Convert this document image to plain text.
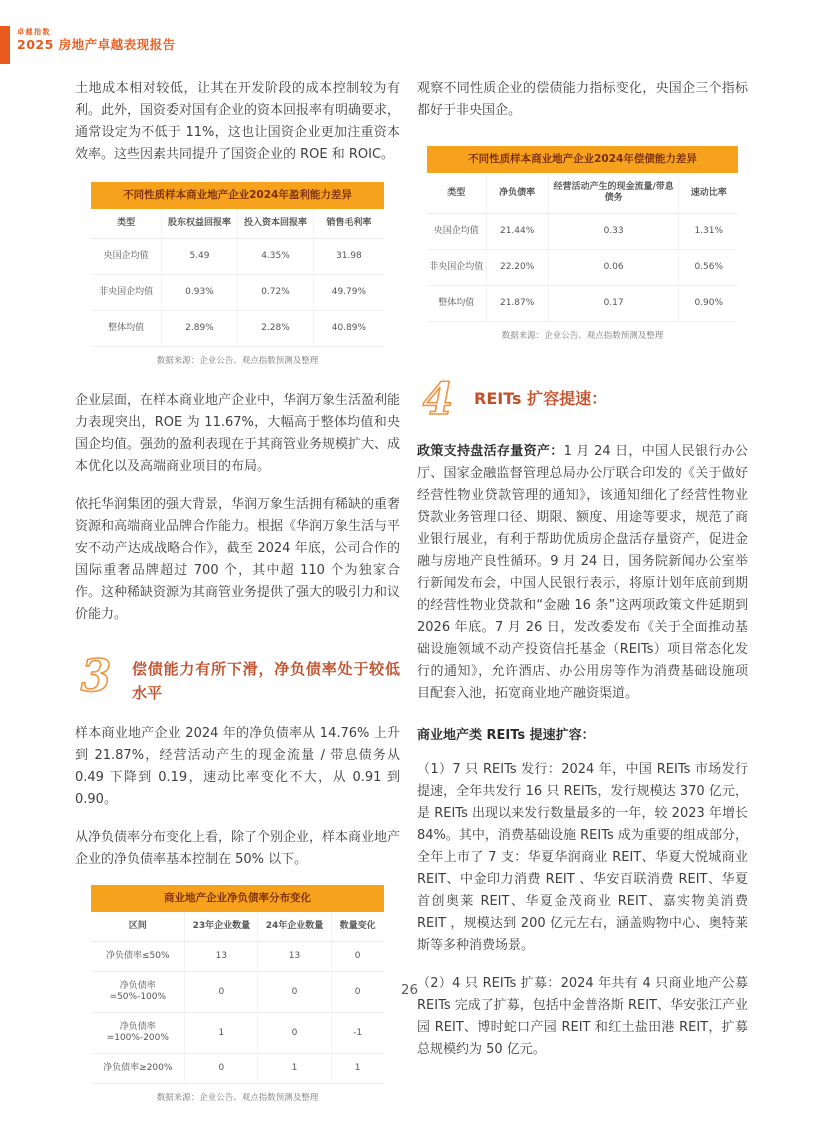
卓越指数
2025 房地产卓越表现报告

土地成本相对较低，让其在开发阶段的成本控制较为有利。此外，国资委对国有企业的资本回报率有明确要求，通常设定为不低于 11%，这也让国资企业更加注重资本效率。这些因素共同提升了国资企业的 ROE 和 ROIC。

不同性质样本商业地产企业2024年盈利能力差异
类型	股东权益回报率	投入资本回报率	销售毛利率
央国企均值	5.49	4.35%	31.98
非央国企均值	0.93%	0.72%	49.79%
整体均值	2.89%	2.28%	40.89%
数据来源：企业公告、观点指数预测及整理

企业层面，在样本商业地产企业中，华润万象生活盈利能力表现突出，ROE 为 11.67%，大幅高于整体均值和央国企均值。强劲的盈利表现在于其商管业务规模扩大、成本优化以及高端商业项目的布局。

依托华润集团的强大背景，华润万象生活拥有稀缺的重奢资源和高端商业品牌合作能力。根据《华润万象生活与平安不动产达成战略合作》，截至 2024 年底，公司合作的国际重奢品牌超过 700 个，其中超 110 个为独家合作。这种稀缺资源为其商管业务提供了强大的吸引力和议价能力。

3	偿债能力有所下滑，净负债率处于较低水平

样本商业地产企业 2024 年的净负债率从 14.76% 上升到 21.87%，经营活动产生的现金流量 / 带息债务从 0.49 下降到 0.19，速动比率变化不大，从 0.91 到 0.90。

从净负债率分布变化上看，除了个别企业，样本商业地产企业的净负债率基本控制在 50% 以下。

商业地产企业净负债率分布变化
区间	23年企业数量	24年企业数量	数量变化
净负债率≤50%	13	13	0
净负债率=50%-100%	0	0	0
净负债率=100%-200%	1	0	-1
净负债率≥200%	0	1	1
数据来源：企业公告、观点指数预测及整理

观察不同性质企业的偿债能力指标变化，央国企三个指标都好于非央国企。

不同性质样本商业地产企业2024年偿债能力差异
类型	净负债率	经营活动产生的现金流量/带息债务	速动比率
央国企均值	21.44%	0.33	1.31%
非央国企均值	22.20%	0.06	0.56%
整体均值	21.87%	0.17	0.90%
数据来源：企业公告、观点指数预测及整理
4	REITs 扩容提速：

政策支持盘活存量资产：1 月 24 日，中国人民银行办公厅、国家金融监督管理总局办公厅联合印发的《关于做好经营性物业贷款管理的通知》，该通知细化了经营性物业贷款业务管理口径、期限、额度、用途等要求，规范了商业银行展业，有利于帮助优质房企盘活存量资产，促进金融与房地产良性循环。9 月 24 日，国务院新闻办公室举行新闻发布会，中国人民银行表示，将原计划年底前到期的经营性物业贷款和“金融 16 条”这两项政策文件延期到 2026 年底。7 月 26 日，发改委发布《关于全面推动基础设施领域不动产投资信托基金（REITs）项目常态化发行的通知》，允许酒店、办公用房等作为消费基础设施项目配套入池，拓宽商业地产融资渠道。

商业地产类 REITs 提速扩容：

（1）7 只 REITs 发行：2024 年，中国 REITs 市场发行提速，全年共发行 16 只 REITs，发行规模达 370 亿元，是 REITs 出现以来发行数量最多的一年，较 2023 年增长 84%。其中，消费基础设施 REITs 成为重要的组成部分，全年上市了 7 支：华夏华润商业 REIT、华夏大悦城商业 REIT、中金印力消费 REIT 、华安百联消费 REIT、华夏首创奥莱 REIT、华夏金茂商业 REIT、嘉实物美消费 REIT ，规模达到 200 亿元左右，涵盖购物中心、奥特莱斯等多种消费场景。

（2）4 只 REITs 扩募：2024 年共有 4 只商业地产公募 REITs 完成了扩募，包括中金普洛斯 REIT、华安张江产业园 REIT、博时蛇口产园 REIT 和红土盐田港 REIT，扩募总规模约为 50 亿元。

26
